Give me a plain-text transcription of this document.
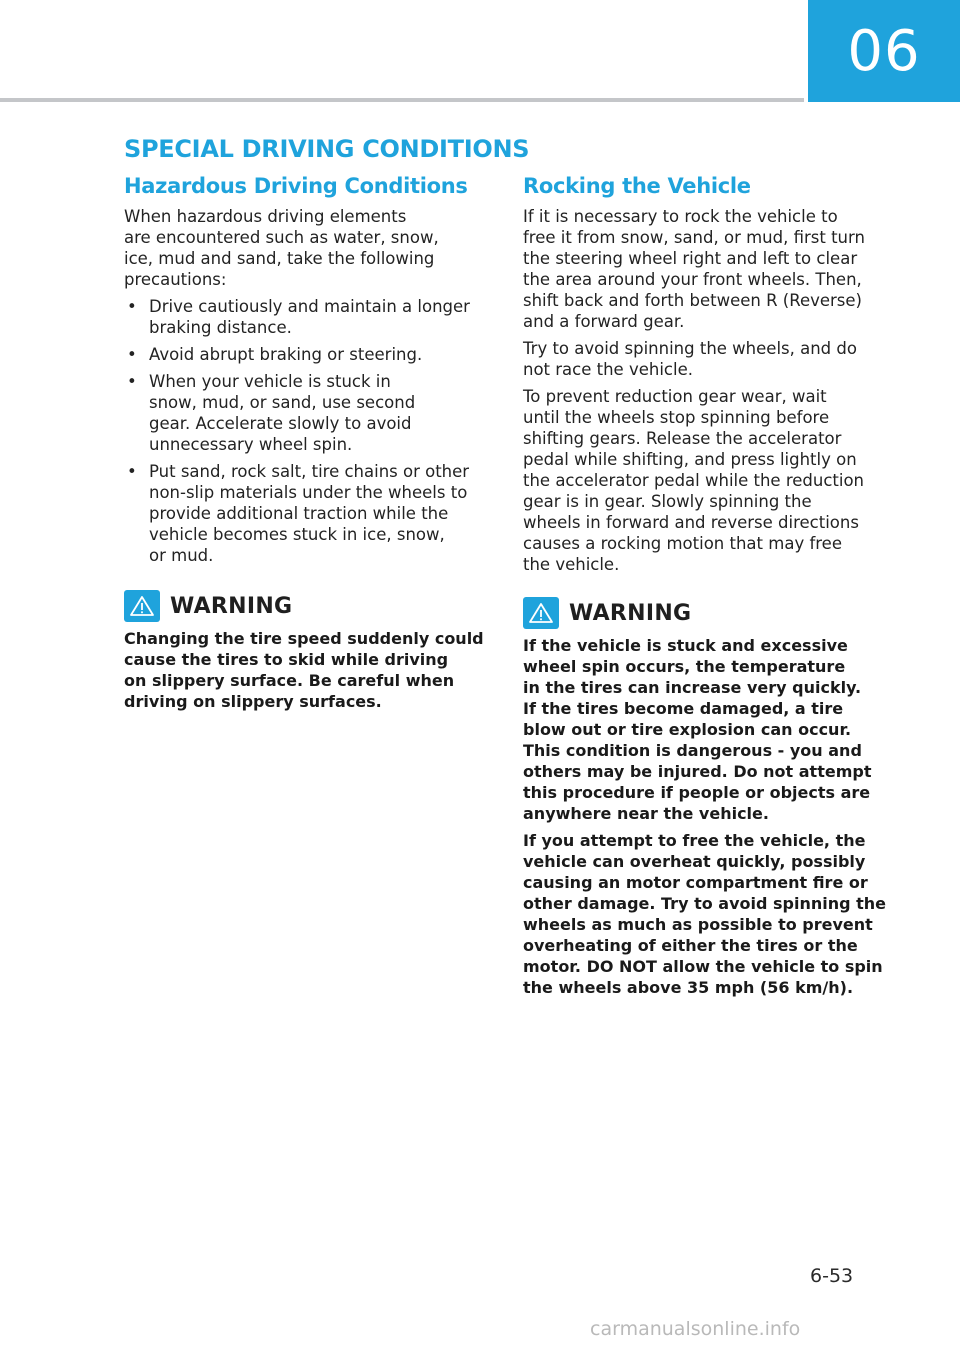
06
SPECIAL DRIVING CONDITIONS
Hazardous Driving Conditions

When hazardous driving elements
are encountered such as water, snow,
ice, mud and sand, take the following
precautions:

• Drive cautiously and maintain a longer
braking distance.
• Avoid abrupt braking or steering.
• When your vehicle is stuck in
snow, mud, or sand, use second
gear. Accelerate slowly to avoid
unnecessary wheel spin.
• Put sand, rock salt, tire chains or other
non-slip materials under the wheels to
provide additional traction while the
vehicle becomes stuck in ice, snow,
or mud.
WARNING

Changing the tire speed suddenly could
cause the tires to skid while driving
on slippery surface. Be careful when
driving on slippery surfaces.

Rocking the Vehicle

If it is necessary to rock the vehicle to
free it from snow, sand, or mud, first turn
the steering wheel right and left to clear
the area around your front wheels. Then,
shift back and forth between R (Reverse)
and a forward gear.

Try to avoid spinning the wheels, and do
not race the vehicle.

To prevent reduction gear wear, wait
until the wheels stop spinning before
shifting gears. Release the accelerator
pedal while shifting, and press lightly on
the accelerator pedal while the reduction
gear is in gear. Slowly spinning the
wheels in forward and reverse directions
causes a rocking motion that may free
the vehicle.

WARNING

If the vehicle is stuck and excessive
wheel spin occurs, the temperature
in the tires can increase very quickly.
If the tires become damaged, a tire
blow out or tire explosion can occur.
This condition is dangerous - you and
others may be injured. Do not attempt
this procedure if people or objects are
anywhere near the vehicle.

If you attempt to free the vehicle, the
vehicle can overheat quickly, possibly
causing an motor compartment fire or
other damage. Try to avoid spinning the
wheels as much as possible to prevent
overheating of either the tires or the
motor. DO NOT allow the vehicle to spin
the wheels above 35 mph (56 km/h).

6-53
carmanualsonline.info
